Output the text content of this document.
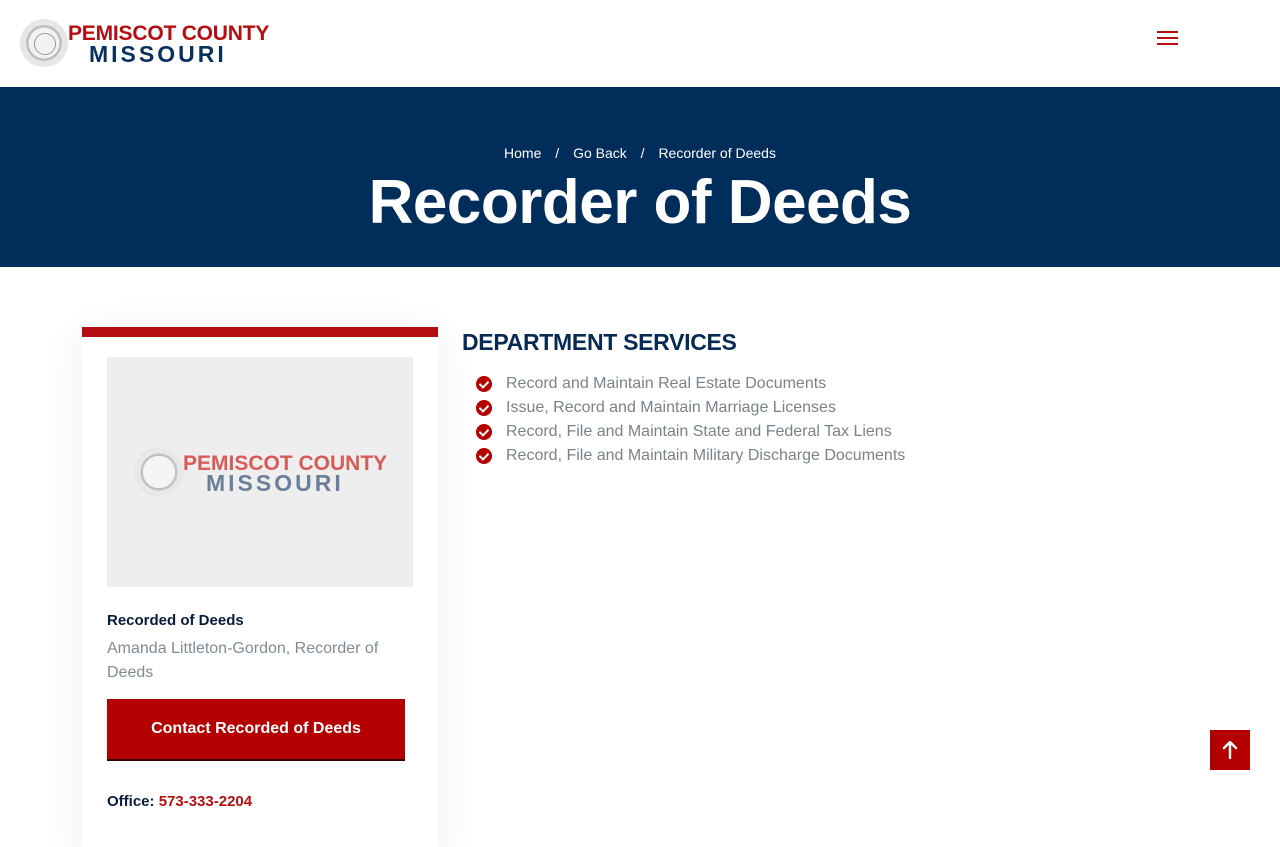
PEMISCOT COUNTY
MISSOURI
Home / Go Back / Recorder of Deeds
Recorder of Deeds
PEMISCOT COUNTY
MISSOURI
Recorded of Deeds
Amanda Littleton-Gordon, Recorder of Deeds
Contact Recorded of Deeds
Office: 573-333-2204
DEPARTMENT SERVICES
Record and Maintain Real Estate Documents
Issue, Record and Maintain Marriage Licenses
Record, File and Maintain State and Federal Tax Liens
Record, File and Maintain Military Discharge Documents
